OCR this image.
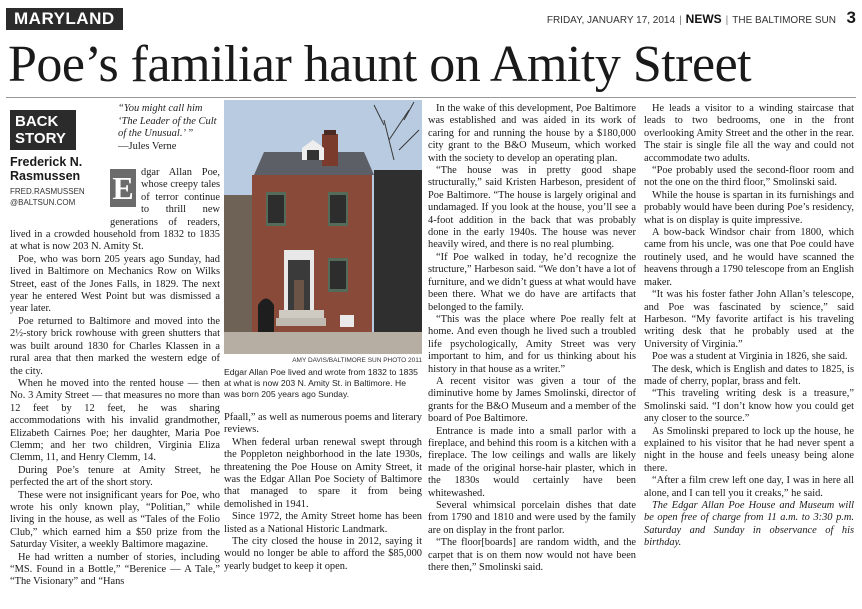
MARYLAND	FRIDAY, JANUARY 17, 2014 | NEWS | THE BALTIMORE SUN 3
Poe’s familiar haunt on Amity Street
BACK
STORY
Frederick N. Rasmussen
FRED.RASMUSSEN
@BALTSUN.COM
“You might call him ‘The Leader of the Cult of the Unusual.’ ”
—Jules Verne

E dgar Allan Poe, whose creepy tales of terror continue to thrill new generations of readers, lived in a crowded household from 1832 to 1835 at what is now 203 N. Amity St.

Poe, who was born 205 years ago Sunday, had lived in Baltimore on Mechanics Row on Wilks Street, east of the Jones Falls, in 1829. The next year he entered West Point but was dismissed a year later.

Poe returned to Baltimore and moved into the 2½-story brick rowhouse with green shutters that was built around 1830 for Charles Klassen in a rural area that then marked the western edge of the city.

When he moved into the rented house — then No. 3 Amity Street — that measures no more than 12 feet by 12 feet, he was sharing accommodations with his invalid grandmother, Elizabeth Cairnes Poe; her daughter, Maria Poe Clemm; and her two children, Virginia Eliza Clemm, 11, and Henry Clemm, 14.

During Poe’s tenure at Amity Street, he perfected the art of the short story.

These were not insignificant years for Poe, who wrote his only known play, “Politian,” while living in the house, as well as “Tales of the Folio Club,” which earned him a $50 prize from the Saturday Visiter, a weekly Baltimore magazine.

He had written a number of stories, including “MS. Found in a Bottle,” “Berenice — A Tale,” “The Visionary” and “Hans

AMY DAVIS/BALTIMORE SUN PHOTO 2011
Edgar Allan Poe lived and wrote from 1832 to 1835 at what is now 203 N. Amity St. in Baltimore. He was born 205 years ago Sunday.

Pfaall,” as well as numerous poems and literary reviews.

When federal urban renewal swept through the Poppleton neighborhood in the late 1930s, threatening the Poe House on Amity Street, it was the Edgar Allan Poe Society of Baltimore that managed to spare it from being demolished in 1941.

Since 1972, the Amity Street home has been listed as a National Historic Landmark.

The city closed the house in 2012, saying it would no longer be able to afford the $85,000 yearly budget to keep it open.

In the wake of this development, Poe Baltimore was established and was aided in its work of caring for and running the house by a $180,000 city grant to the B&O Museum, which worked with the society to develop an operating plan.

“The house was in pretty good shape structurally,” said Kristen Harbeson, president of Poe Baltimore. “The house is largely original and undamaged. If you look at the house, you’ll see a 4-foot addition in the back that was probably done in the early 1940s. The house was never heavily wired, and there is no real plumbing.

“If Poe walked in today, he’d recognize the structure,” Harbeson said. “We don’t have a lot of furniture, and we didn’t guess at what would have been there. What we do have are artifacts that belonged to the family.

“This was the place where Poe really felt at home. And even though he lived such a troubled life psychologically, Amity Street was very important to him, and for us thinking about his history in that house as a writer.”

A recent visitor was given a tour of the diminutive home by James Smolinski, director of grants for the B&O Museum and a member of the board of Poe Baltimore.

Entrance is made into a small parlor with a fireplace, and behind this room is a kitchen with a fireplace. The low ceilings and walls are likely made of the original horse-hair plaster, which in the 1830s would certainly have been whitewashed.

Several whimsical porcelain dishes that date from 1790 and 1810 and were used by the family are on display in the front parlor.

“The floor[boards] are random width, and the carpet that is on them now would not have been there then,” Smolinski said.

He leads a visitor to a winding staircase that leads to two bedrooms, one in the front overlooking Amity Street and the other in the rear. The stair is single file all the way and could not accommodate two adults.

“Poe probably used the second-floor room and not the one on the third floor,” Smolinski said.

While the house is spartan in its furnishings and probably would have been during Poe’s residency, what is on display is quite impressive.

A bow-back Windsor chair from 1800, which came from his uncle, was one that Poe could have routinely used, and he would have scanned the heavens through a 1790 telescope from an English maker.

“It was his foster father John Allan’s telescope, and Poe was fascinated by science,” said Harbeson. “My favorite artifact is his traveling writing desk that he probably used at the University of Virginia.”

Poe was a student at Virginia in 1826, she said.

The desk, which is English and dates to 1825, is made of cherry, poplar, brass and felt.

“This traveling writing desk is a treasure,” Smolinski said. “I don’t know how you could get any closer to the source.”

As Smolinski prepared to lock up the house, he explained to his visitor that he had never spent a night in the house and feels uneasy being alone there.

“After a film crew left one day, I was in here all alone, and I can tell you it creaks,” he said.

The Edgar Allan Poe House and Museum will be open free of charge from 11 a.m. to 3:30 p.m. Saturday and Sunday in observance of his birthday.
